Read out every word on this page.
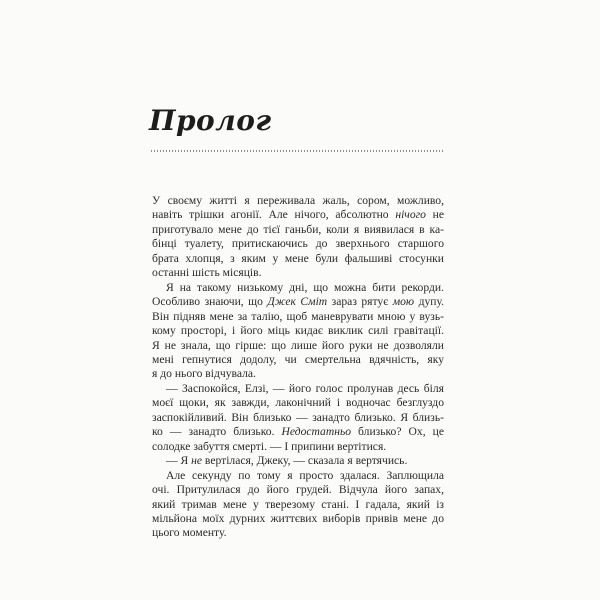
Пролог
У своєму житті я переживала жаль, сором, можливо,
навіть трішки агонії. Але нічого, абсолютно нічого не
приготувало мене до тієї ганьби, коли я виявилася в ка-
бінці туалету, притискаючись до зверхнього старшого
брата хлопця, з яким у мене були фальшиві стосунки
останні шість місяців.
Я на такому низькому дні, що можна бити рекорди.
Особливо знаючи, що Джек Сміт зараз рятує мою дупу.
Він підняв мене за талію, щоб маневрувати мною у вузь-
кому просторі, і його міць кидає виклик силі гравітації.
Я не знала, що гірше: що лише його руки не дозволяли
мені гепнутися додолу, чи смертельна вдячність, яку
я до нього відчувала.
— Заспокойся, Елзі, — його голос пролунав десь біля
моєї щоки, як завжди, лаконічний і водночас безглуздо
заспокійливий. Він близько — занадто близько. Я близь-
ко — занадто близько. Недостатньо близько? Ох, це
солодке забуття смерті. — І припини вертітися.
— Я не вертілася, Джеку, — сказала я вертячись.
Але секунду по тому я просто здалася. Заплющила
очі. Притулилася до його грудей. Відчула його запах,
який тримав мене у тверезому стані. І гадала, який із
мільйона моїх дурних життєвих виборів привів мене до
цього моменту.
